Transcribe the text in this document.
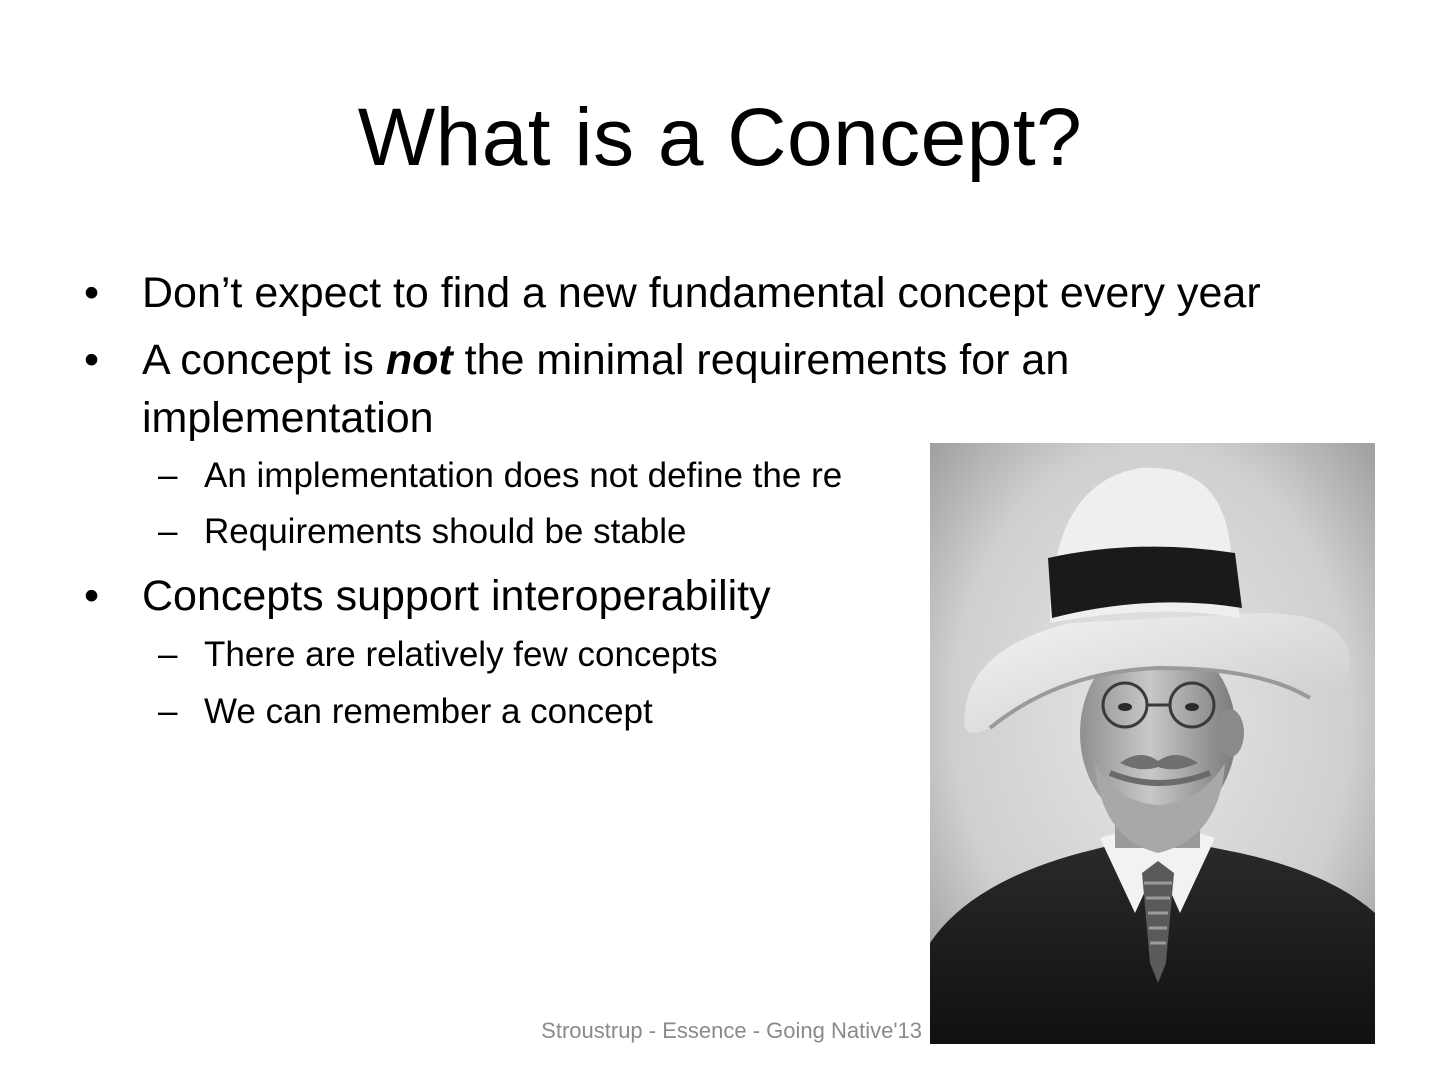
What is a Concept?
• Don’t expect to find a new fundamental concept every year
• A concept is not the minimal requirements for an implementation
– An implementation does not define the re
– Requirements should be stable
• Concepts support interoperability
– There are relatively few concepts
– We can remember a concept
Stroustrup - Essence - Going Native'13
